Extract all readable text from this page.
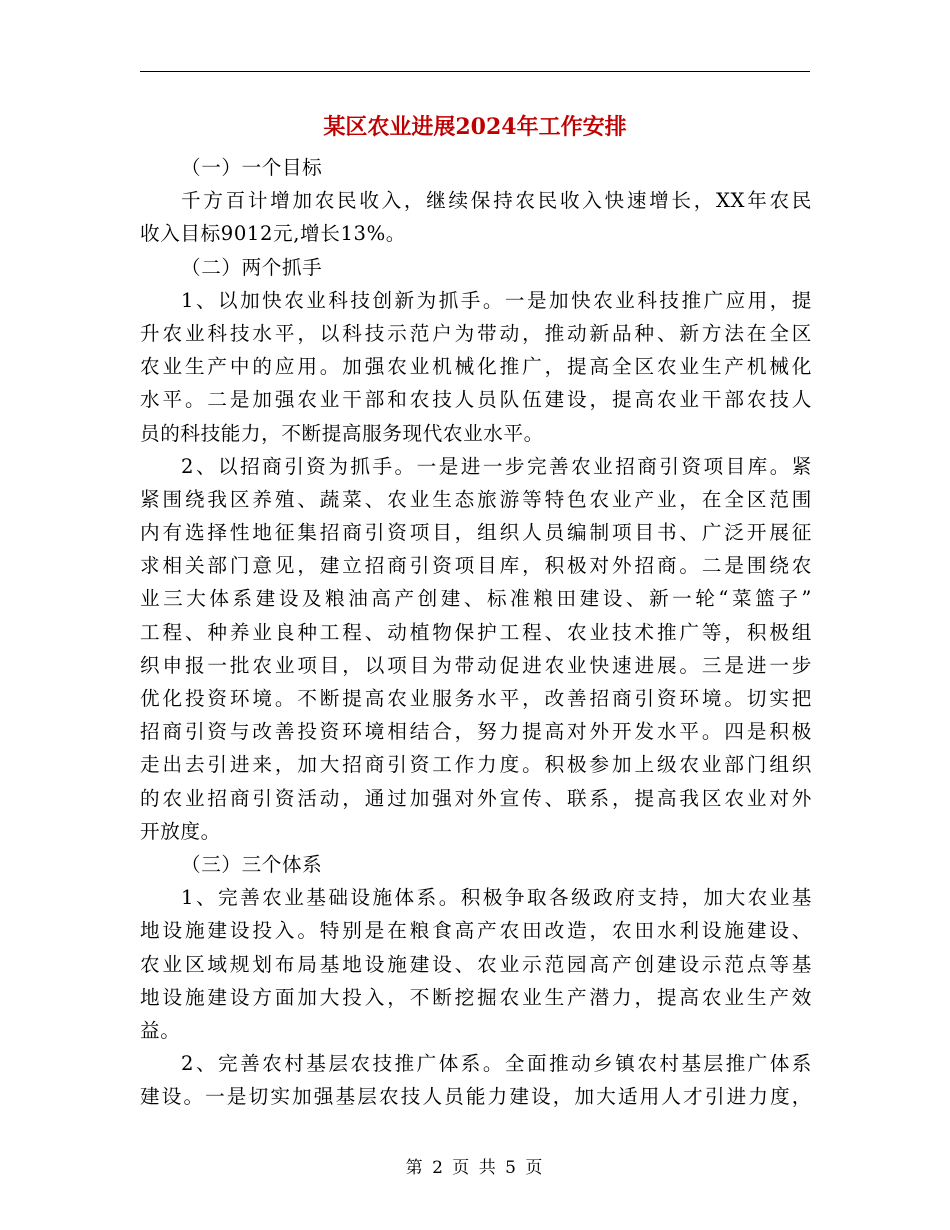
某区农业进展2024年工作安排
（一）一个目标
千方百计增加农民收入，继续保持农民收入快速增长，XX年农民
收入目标9012元,增长13%。
（二）两个抓手
1、以加快农业科技创新为抓手。一是加快农业科技推广应用，提
升农业科技水平，以科技示范户为带动，推动新品种、新方法在全区
农业生产中的应用。加强农业机械化推广，提高全区农业生产机械化
水平。二是加强农业干部和农技人员队伍建设，提高农业干部农技人
员的科技能力，不断提高服务现代农业水平。
2、以招商引资为抓手。一是进一步完善农业招商引资项目库。紧
紧围绕我区养殖、蔬菜、农业生态旅游等特色农业产业，在全区范围
内有选择性地征集招商引资项目，组织人员编制项目书、广泛开展征
求相关部门意见，建立招商引资项目库，积极对外招商。二是围绕农
业三大体系建设及粮油高产创建、标准粮田建设、新一轮“菜篮子”
工程、种养业良种工程、动植物保护工程、农业技术推广等，积极组
织申报一批农业项目，以项目为带动促进农业快速进展。三是进一步
优化投资环境。不断提高农业服务水平，改善招商引资环境。切实把
招商引资与改善投资环境相结合，努力提高对外开发水平。四是积极
走出去引进来，加大招商引资工作力度。积极参加上级农业部门组织
的农业招商引资活动，通过加强对外宣传、联系，提高我区农业对外
开放度。
（三）三个体系
1、完善农业基础设施体系。积极争取各级政府支持，加大农业基
地设施建设投入。特别是在粮食高产农田改造，农田水利设施建设、
农业区域规划布局基地设施建设、农业示范园高产创建设示范点等基
地设施建设方面加大投入，不断挖掘农业生产潜力，提高农业生产效
益。
2、完善农村基层农技推广体系。全面推动乡镇农村基层推广体系
建设。一是切实加强基层农技人员能力建设，加大适用人才引进力度，
第 2 页 共 5 页
